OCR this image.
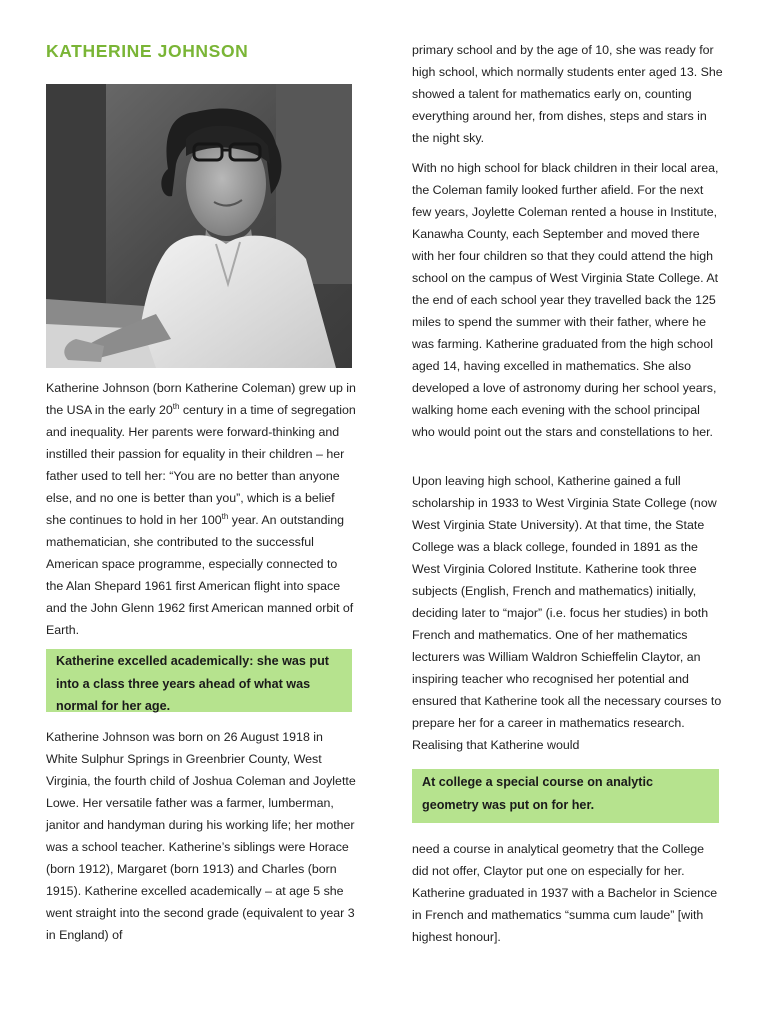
KATHERINE JOHNSON

Katherine Johnson (born Katherine Coleman) grew up in the USA in the early 20th century in a time of segregation and inequality. Her parents were forward-thinking and instilled their passion for equality in their children – her father used to tell her: “You are no better than anyone else, and no one is better than you”, which is a belief she continues to hold in her 100th year. An outstanding mathematician, she contributed to the successful American space programme, especially connected to the Alan Shepard 1961 first American flight into space and the John Glenn 1962 first American manned orbit of Earth.

Katherine excelled academically: she was put into a class three years ahead of what was normal for her age.

Katherine Johnson was born on 26 August 1918 in White Sulphur Springs in Greenbrier County, West Virginia, the fourth child of Joshua Coleman and Joylette Lowe. Her versatile father was a farmer, lumberman, janitor and handyman during his working life; her mother was a school teacher. Katherine’s siblings were Horace (born 1912), Margaret (born 1913) and Charles (born 1915). Katherine excelled academically – at age 5 she went straight into the second grade (equivalent to year 3 in England) of

primary school and by the age of 10, she was ready for high school, which normally students enter aged 13. She showed a talent for mathematics early on, counting everything around her, from dishes, steps and stars in the night sky.

With no high school for black children in their local area, the Coleman family looked further afield. For the next few years, Joylette Coleman rented a house in Institute, Kanawha County, each September and moved there with her four children so that they could attend the high school on the campus of West Virginia State College. At the end of each school year they travelled back the 125 miles to spend the summer with their father, where he was farming. Katherine graduated from the high school aged 14, having excelled in mathematics. She also developed a love of astronomy during her school years, walking home each evening with the school principal who would point out the stars and constellations to her.

Upon leaving high school, Katherine gained a full scholarship in 1933 to West Virginia State College (now West Virginia State University). At that time, the State College was a black college, founded in 1891 as the West Virginia Colored Institute. Katherine took three subjects (English, French and mathematics) initially, deciding later to “major” (i.e. focus her studies) in both French and mathematics. One of her mathematics lecturers was William Waldron Schieffelin Claytor, an inspiring teacher who recognised her potential and ensured that Katherine took all the necessary courses to prepare her for a career in mathematics research. Realising that Katherine would

At college a special course on analytic geometry was put on for her.

need a course in analytical geometry that the College did not offer, Claytor put one on especially for her. Katherine graduated in 1937 with a Bachelor in Science in French and mathematics “summa cum laude” [with highest honour].
